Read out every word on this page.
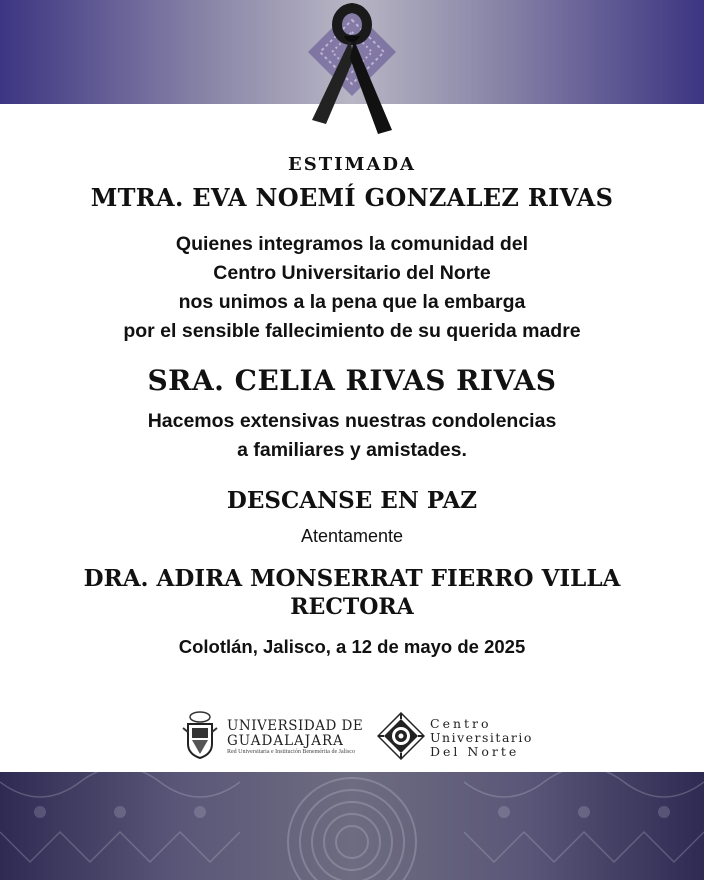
ESTIMADA
MTRA. EVA NOEMÍ GONZALEZ RIVAS
Quienes integramos la comunidad del
Centro Universitario del Norte
nos unimos a la pena que la embarga
por el sensible fallecimiento de su querida madre
SRA. CELIA RIVAS RIVAS
Hacemos extensivas nuestras condolencias
a familiares y amistades.
DESCANSE EN PAZ
Atentamente
DRA. ADIRA MONSERRAT FIERRO VILLA
RECTORA
Colotlán, Jalisco, a 12 de mayo de 2025
UNIVERSIDAD DE
GUADALAJARA
Red Universitaria e Institución Benemérita de Jalisco
Centro
Universitario
Del Norte
